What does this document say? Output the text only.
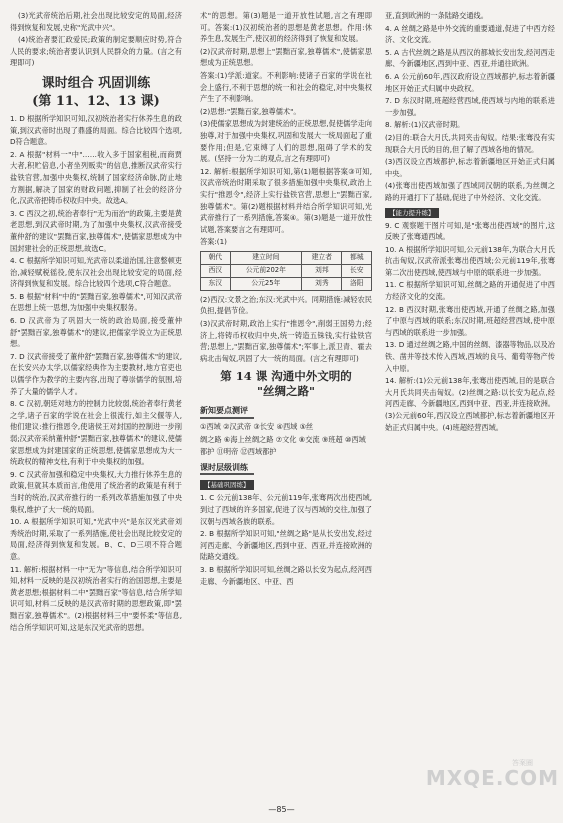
(3)光武帝统治后期,社会出现比较安定的局面,经济得到恢复和发展,史称"光武中兴"。

(4)统治者要汇政爱民;政策的制定要顺应时势,符合人民的要求;统治者要认识到人民群众的力量。(言之有理即可)

课时组合 巩固训练
(第 11、12、13 课)

1. D 根据所学知识可知,汉初统治者实行休养生息的政策,到汉武帝时出现了鼎盛的局面。综合比较四个选项,D符合题意。

2. A 根据"材料一"中"……收入多于国家租税,而商贾大者,积贮倍息,小者坐列贩卖"的信息,推断汉武帝实行盐铁官营,加强中央集权,统制了国家经济命脉,防止地方割据,解决了国家的财政问题,抑制了社会的经济分化,汉武帝把铸币权收归中央。故选A。

3. C 西汉之初,统治者奉行"无为而治"的政策,主要是黄老思想,到汉武帝时期,为了加强中央集权,汉武帝接受董仲舒的建议"罢黜百家,独尊儒术",使儒家思想成为中国封建社会的正统思想,故选C。

4. C 根据所学知识可知,光武帝以柔道治国,注意整顿吏治,减轻赋税徭役,使东汉社会出现比较安定的局面,经济得到恢复和发展。综合比较四个选项,C符合题意。

5. B 根据"材料"中的"罢黜百家,独尊儒术",可知汉武帝在思想上统一思想,为加强中央集权服务。

6. D 汉武帝为了巩固大一统的政治局面,接受董仲舒"罢黜百家,独尊儒术"的建议,把儒家学说立为正统思想。

7. D 汉武帝接受了董仲舒"罢黜百家,独尊儒术"的建议,在长安兴办太学,以儒家经典作为主要教材,地方官吏也以儒学作为教学的主要内容,出现了尊崇儒学的氛围,培养了大量的儒学人才。

8. C 汉初,朝廷对地方的控制力比较弱,统治者奉行黄老之学,诸子百家的学说在社会上很流行,如主父偃等人,他们建议:推行推恩令,使诸侯王对封国的控制进一步削弱;汉武帝采纳董仲舒"罢黜百家,独尊儒术"的建议,使儒家思想成为封建国家的正统思想,使儒家思想成为大一统政权的精神支柱,有利于中央集权的加强。

9. C 汉武帝加强和稳定中央集权,大力推行休养生息的政策,但就其本质而言,他使用了统治者的政策是有利于当时的统治,汉武帝推行的一系列改革措施加强了中央集权,维护了大一统的局面。

10. A 根据所学知识可知,"光武中兴"是东汉光武帝刘秀统治时期,采取了一系列措施,使社会出现比较安定的局面,经济得到恢复和发展。B、C、D三项不符合题意。

11. 解析:根据材料一中"无为"等信息,结合所学知识可知,材料一反映的是汉初统治者实行的治国思想,主要是黄老思想;根据材料二中"罢黜百家"等信息,结合所学知识可知,材料二反映的是汉武帝时期的思想政策,即"罢黜百家,独尊儒术"。(2)根据材料三中"要怀柔"等信息,结合所学知识可知,这是东汉光武帝的思想。

术"的思想。第(3)题是一道开放性试题,言之有理即可。答案:(1)汉初统治者的思想是黄老思想。作用:休养生息,发展生产,使汉初的经济得到了恢复和发展。

(2)汉武帝时期,思想上"罢黜百家,独尊儒术",使儒家思想成为正统思想。

答案:(1)学派:道家。不利影响:使诸子百家的学说在社会上盛行,不利于思想的统一和社会的稳定,对中央集权产生了不利影响。

(2)思想:"罢黜百家,独尊儒术"。

(3)使儒家思想成为封建统治的正统思想,促使儒学走向独尊,对于加强中央集权,巩固和发展大一统局面起了重要作用;但是,它束缚了人们的思想,阻碍了学术的发展。(坚持一分为二的观点,言之有理即可)

12. 解析:根据所学知识可知,第(1)题根据答案③可知,汉武帝统治时期采取了很多措施加强中央集权,政治上实行"推恩令",经济上实行盐铁官营,思想上"罢黜百家,独尊儒术"。第(2)题根据材料并结合所学知识可知,光武帝推行了一系列措施,答案④。第(3)题是一道开放性试题,答案要言之有理即可。

答案:(1)
朝代	建立时间	建立者	都城
西汉	公元前202年	刘邦	长安
东汉	公元25年	刘秀	洛阳

(2)西汉:文景之治;东汉:光武中兴。同期措施:减轻农民负担,提倡节俭。

(3)汉武帝时期,政治上实行"推恩令",削弱王国势力;经济上,将铸币权收归中央,统一铸造五铢钱,实行盐铁官营;思想上,"罢黜百家,独尊儒术";军事上,派卫青、霍去病北击匈奴,巩固了大一统的局面。(言之有理即可)

第 14 课 沟通中外文明的
"丝绸之路"
新知要点测评

①西域 ②汉武帝 ③长安 ④西域 ⑤丝

绸之路 ⑥海上丝绸之路 ⑦文化 ⑧交流 ⑨班超 ⑩西域

都护 ⑪明帝 ⑫西域都护

课时层级训练
【基础巩固练】

1. C 公元前138年、公元前119年,张骞两次出使西域,到过了西域的许多国家,促进了汉与西域的交往,加强了汉朝与西域各族的联系。

2. B 根据所学知识可知,"丝绸之路"是从长安出发,经过河西走廊、今新疆地区,西到中亚、西亚,并连接欧洲的陆路交通线。

3. B 根据所学知识可知,丝绸之路以长安为起点,经河西走廊、今新疆地区、中亚、西

亚,直到欧洲的一条陆路交通线。

4. A 丝绸之路是中外交流的重要通道,促进了中西方经济、文化交流。

5. A 古代丝绸之路是从西汉的都城长安出发,经河西走廊、今新疆地区,西到中亚、西亚,并通往欧洲。

6. A 公元前60年,西汉政府设立西域都护,标志着新疆地区开始正式归属中央政权。

7. D 东汉时期,班超经营西域,使西域与内地的联系进一步加强。

8. 解析:(1)汉武帝时期。

(2)目的:联合大月氏,共同夹击匈奴。结果:张骞没有实现联合大月氏的目的,但了解了西域各地的情况。

(3)西汉设立西域都护,标志着新疆地区开始正式归属中央。

(4)张骞出使西域加强了西域同汉朝的联系,为丝绸之路的开通打下了基础,促进了中外经济、文化交流。

【能力提升练】

9. C 观察题干图片可知,是"张骞出使西域"的图片,这反映了张骞通西域。

10. A 根据所学知识可知,公元前138年,为联合大月氏抗击匈奴,汉武帝派张骞出使西域;公元前119年,张骞第二次出使西域,使西域与中原的联系进一步加强。

11. C 根据所学知识可知,丝绸之路的开通促进了中西方经济文化的交流。

12. B 西汉时期,张骞出使西域,开通了丝绸之路,加强了中原与西域的联系;东汉时期,班超经营西域,使中原与西域的联系进一步加强。

13. D 通过丝绸之路,中国的丝绸、漆器等物品,以及冶铁、凿井等技术传入西域,西域的良马、葡萄等物产传入中原。

14. 解析:(1)公元前138年,张骞出使西域,目的是联合大月氏共同夹击匈奴。(2)丝绸之路:以长安为起点,经河西走廊、今新疆地区,西到中亚、西亚,并连接欧洲。(3)公元前60年,西汉设立西域都护,标志着新疆地区开始正式归属中央。(4)班超经营西域。

—85—
答案圈
MXQE.COM
